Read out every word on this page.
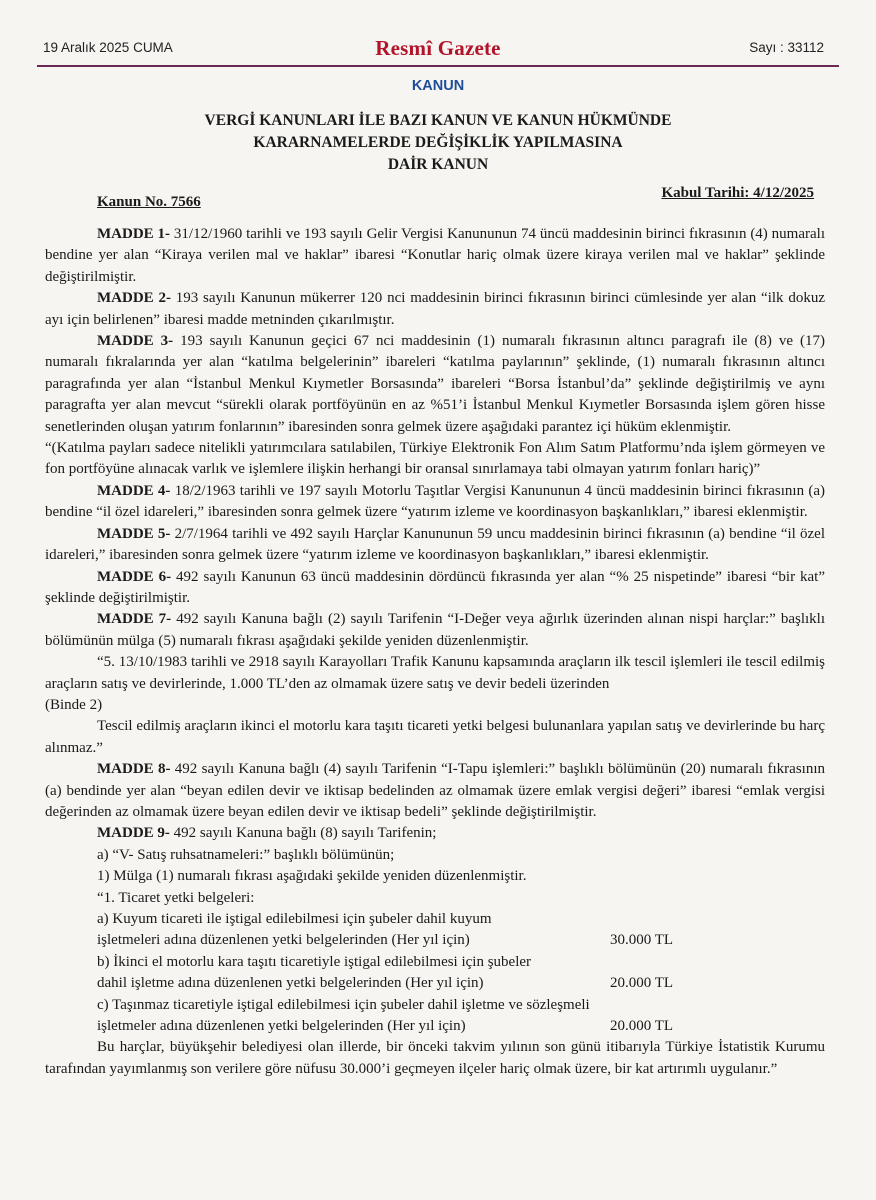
19 Aralık 2025 CUMA	Resmî Gazete	Sayı : 33112
KANUN
VERGİ KANUNLARI İLE BAZI KANUN VE KANUN HÜKMÜNDE
KARARNAMELERDE DEĞİŞİKLİK YAPILMASINA
DAİR KANUN
Kanun No. 7566
Kabul Tarihi: 4/12/2025

MADDE 1- 31/12/1960 tarihli ve 193 sayılı Gelir Vergisi Kanununun 74 üncü maddesinin birinci fıkrasının (4) numaralı bendine yer alan “Kiraya verilen mal ve haklar” ibaresi “Konutlar hariç olmak üzere kiraya verilen mal ve haklar” şeklinde değiştirilmiştir.

MADDE 2- 193 sayılı Kanunun mükerrer 120 nci maddesinin birinci fıkrasının birinci cümlesinde yer alan “ilk dokuz ayı için belirlenen” ibaresi madde metninden çıkarılmıştır.

MADDE 3- 193 sayılı Kanunun geçici 67 nci maddesinin (1) numaralı fıkrasının altıncı paragrafı ile (8) ve (17) numaralı fıkralarında yer alan “katılma belgelerinin” ibareleri “katılma paylarının” şeklinde, (1) numaralı fıkrasının altıncı paragrafında yer alan “İstanbul Menkul Kıymetler Borsasında” ibareleri “Borsa İstanbul’da” şeklinde değiştirilmiş ve aynı paragrafta yer alan mevcut “sürekli olarak portföyünün en az %51’i İstanbul Menkul Kıymetler Borsasında işlem gören hisse senetlerinden oluşan yatırım fonlarının” ibaresinden sonra gelmek üzere aşağıdaki parantez içi hüküm eklenmiştir.

“(Katılma payları sadece nitelikli yatırımcılara satılabilen, Türkiye Elektronik Fon Alım Satım Platformu’nda işlem görmeyen ve fon portföyüne alınacak varlık ve işlemlere ilişkin herhangi bir oransal sınırlamaya tabi olmayan yatırım fonları hariç)”

MADDE 4- 18/2/1963 tarihli ve 197 sayılı Motorlu Taşıtlar Vergisi Kanununun 4 üncü maddesinin birinci fıkrasının (a) bendine “il özel idareleri,” ibaresinden sonra gelmek üzere “yatırım izleme ve koordinasyon başkanlıkları,” ibaresi eklenmiştir.

MADDE 5- 2/7/1964 tarihli ve 492 sayılı Harçlar Kanununun 59 uncu maddesinin birinci fıkrasının (a) bendine “il özel idareleri,” ibaresinden sonra gelmek üzere “yatırım izleme ve koordinasyon başkanlıkları,” ibaresi eklenmiştir.

MADDE 6- 492 sayılı Kanunun 63 üncü maddesinin dördüncü fıkrasında yer alan “% 25 nispetinde” ibaresi “bir kat” şeklinde değiştirilmiştir.

MADDE 7- 492 sayılı Kanuna bağlı (2) sayılı Tarifenin “I-Değer veya ağırlık üzerinden alınan nispi harçlar:” başlıklı bölümünün mülga (5) numaralı fıkrası aşağıdaki şekilde yeniden düzenlenmiştir.

“5. 13/10/1983 tarihli ve 2918 sayılı Karayolları Trafik Kanunu kapsamında araçların ilk tescil işlemleri ile tescil edilmiş araçların satış ve devirlerinde, 1.000 TL’den az olmamak üzere satış ve devir bedeli üzerinden

(Binde 2)

Tescil edilmiş araçların ikinci el motorlu kara taşıtı ticareti yetki belgesi bulunanlara yapılan satış ve devirlerinde bu harç alınmaz.”

MADDE 8- 492 sayılı Kanuna bağlı (4) sayılı Tarifenin “I-Tapu işlemleri:” başlıklı bölümünün (20) numaralı fıkrasının (a) bendinde yer alan “beyan edilen devir ve iktisap bedelinden az olmamak üzere emlak vergisi değeri” ibaresi “emlak vergisi değerinden az olmamak üzere beyan edilen devir ve iktisap bedeli” şeklinde değiştirilmiştir.

MADDE 9- 492 sayılı Kanuna bağlı (8) sayılı Tarifenin;

a) “V- Satış ruhsatnameleri:” başlıklı bölümünün;

1) Mülga (1) numaralı fıkrası aşağıdaki şekilde yeniden düzenlenmiştir.

“1. Ticaret yetki belgeleri:

a) Kuyum ticareti ile iştigal edilebilmesi için şubeler dahil kuyum
işletmeleri adına düzenlenen yetki belgelerinden (Her yıl için)	30.000 TL
b) İkinci el motorlu kara taşıtı ticaretiyle iştigal edilebilmesi için şubeler
dahil işletme adına düzenlenen yetki belgelerinden (Her yıl için)	20.000 TL
c) Taşınmaz ticaretiyle iştigal edilebilmesi için şubeler dahil işletme ve sözleşmeli
işletmeler adına düzenlenen yetki belgelerinden (Her yıl için)	20.000 TL

Bu harçlar, büyükşehir belediyesi olan illerde, bir önceki takvim yılının son günü itibarıyla Türkiye İstatistik Kurumu tarafından yayımlanmış son verilere göre nüfusu 30.000’i geçmeyen ilçeler hariç olmak üzere, bir kat artırımlı uygulanır.”
